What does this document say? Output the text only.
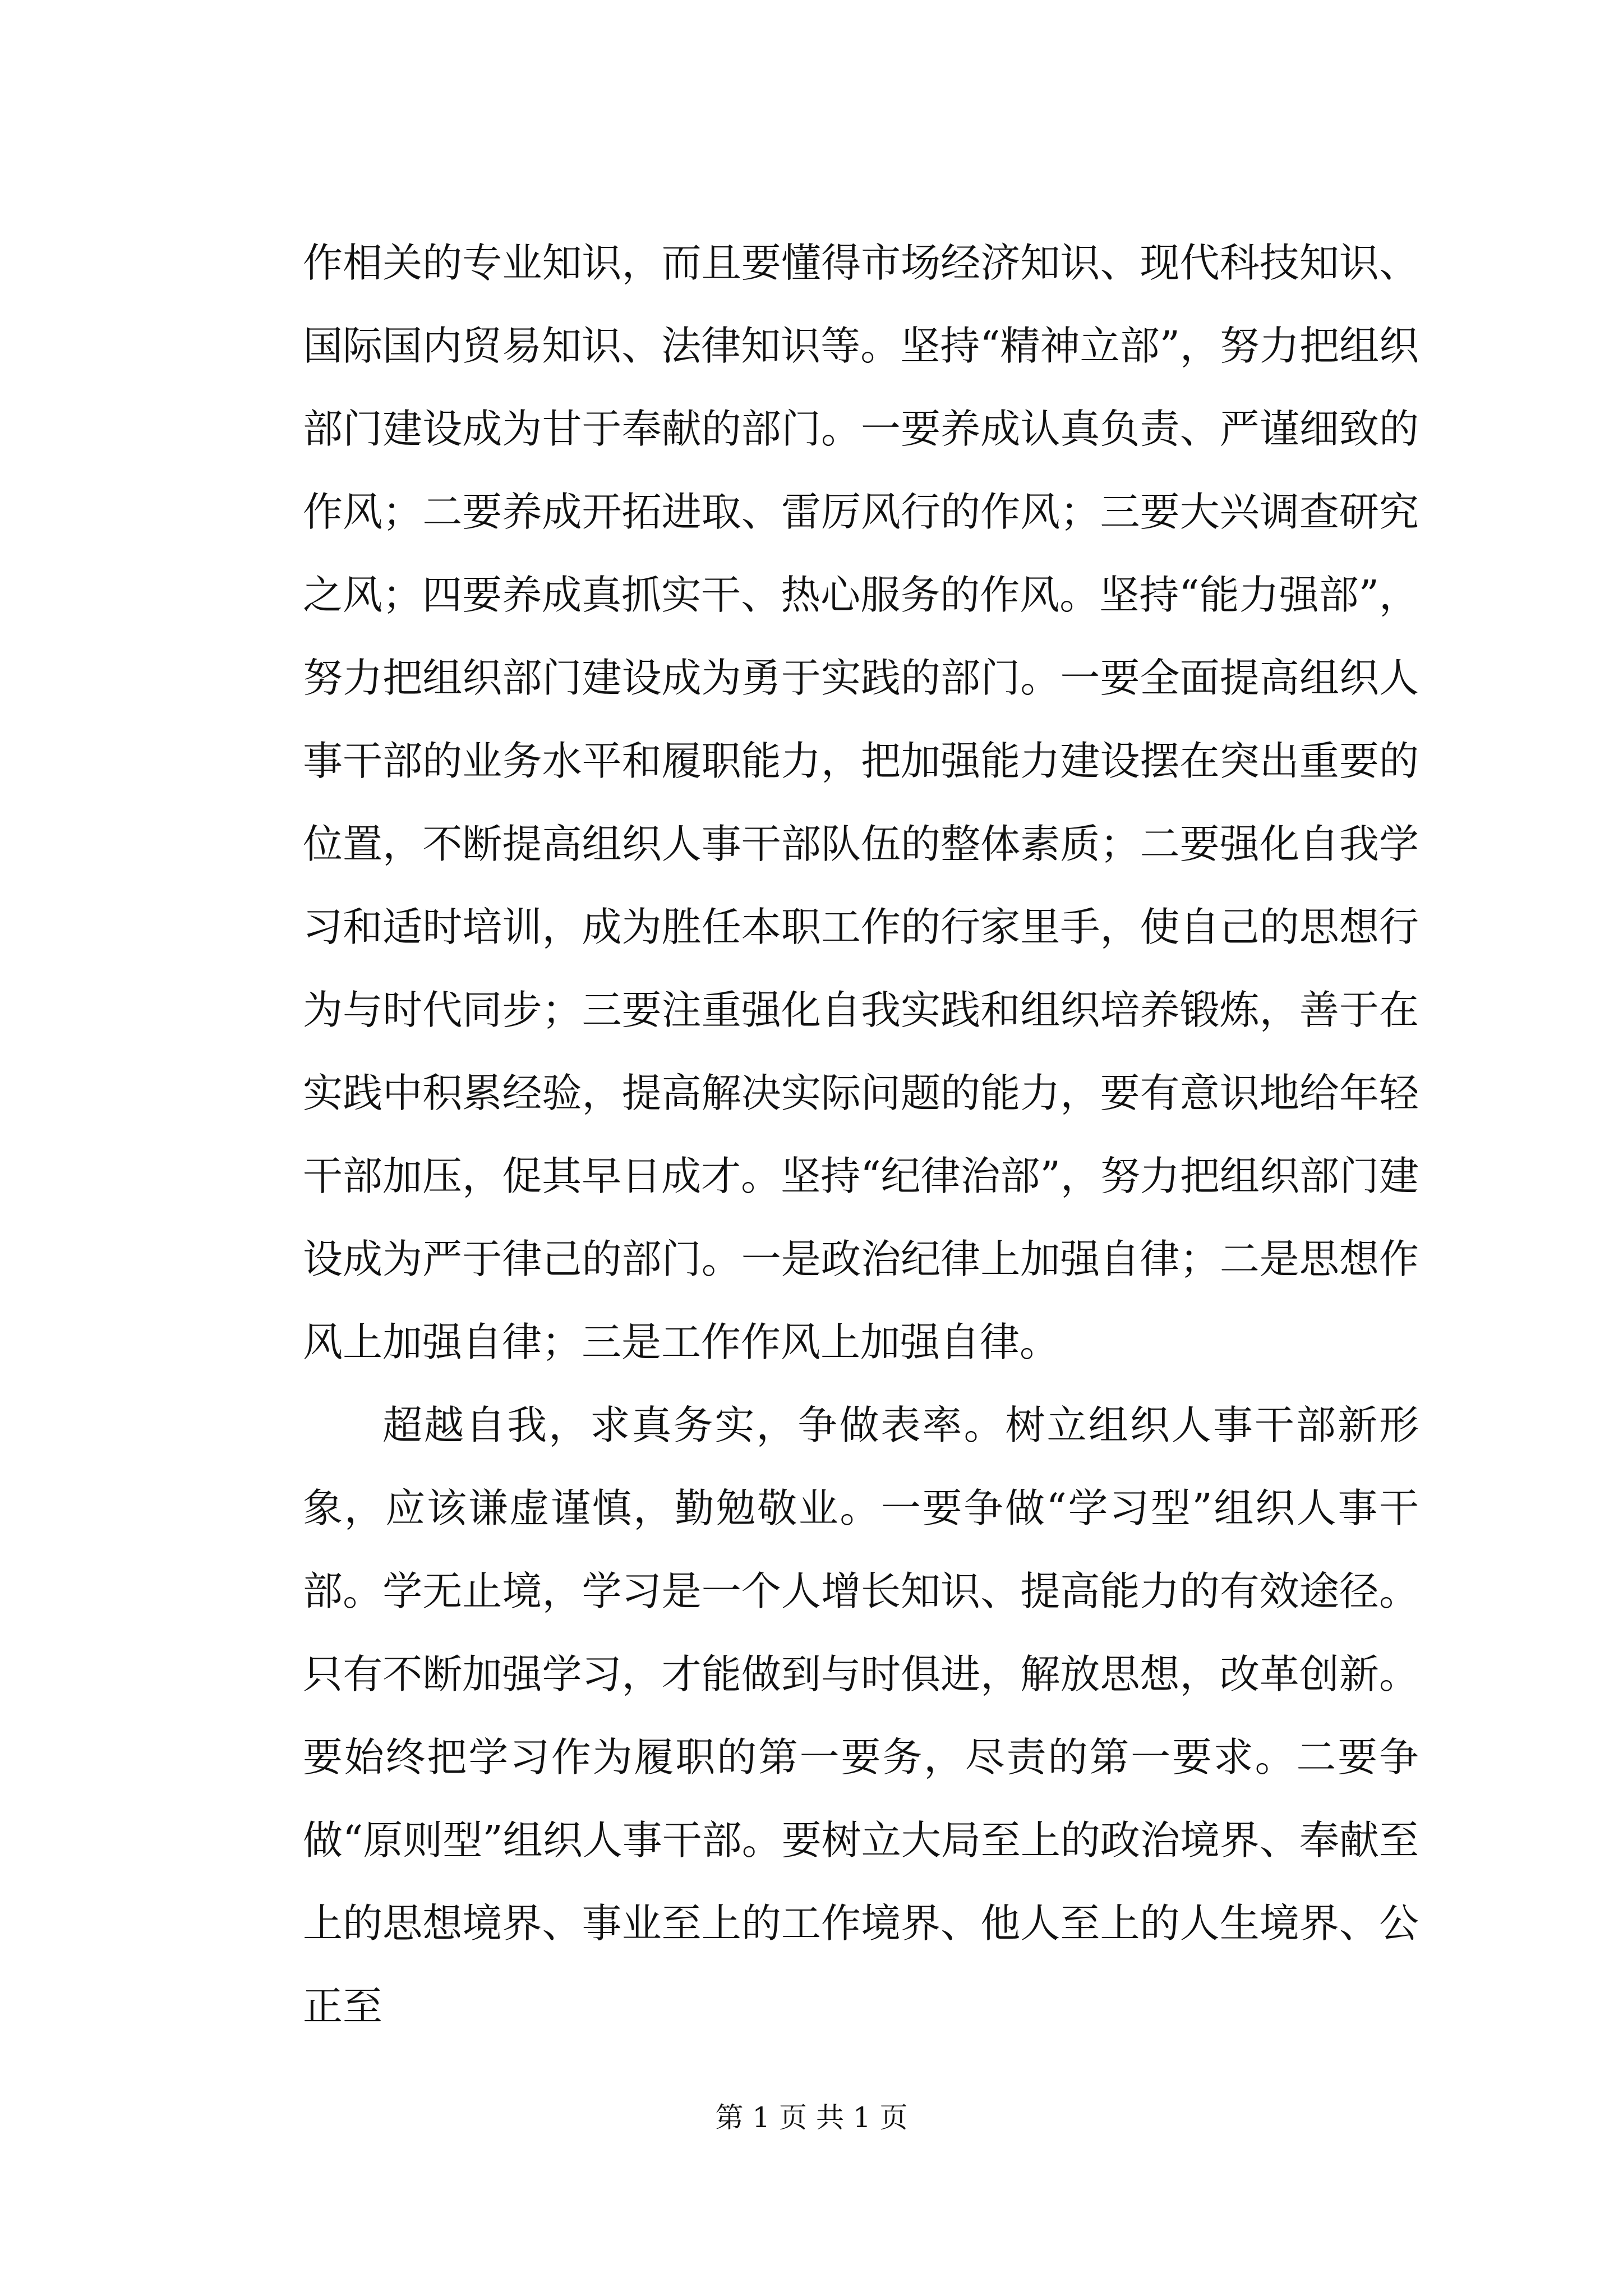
作相关的专业知识，而且要懂得市场经济知识、现代科技知识、国际国内贸易知识、法律知识等。坚持“精神立部”，努力把组织部门建设成为甘于奉献的部门。一要养成认真负责、严谨细致的作风；二要养成开拓进取、雷厉风行的作风；三要大兴调查研究之风；四要养成真抓实干、热心服务的作风。坚持“能力强部”，努力把组织部门建设成为勇于实践的部门。一要全面提高组织人事干部的业务水平和履职能力，把加强能力建设摆在突出重要的位置，不断提高组织人事干部队伍的整体素质；二要强化自我学习和适时培训，成为胜任本职工作的行家里手，使自己的思想行为与时代同步；三要注重强化自我实践和组织培养锻炼，善于在实践中积累经验，提高解决实际问题的能力，要有意识地给年轻干部加压，促其早日成才。坚持“纪律治部”，努力把组织部门建设成为严于律己的部门。一是政治纪律上加强自律；二是思想作风上加强自律；三是工作作风上加强自律。

超越自我，求真务实，争做表率。树立组织人事干部新形象，应该谦虚谨慎，勤勉敬业。一要争做“学习型”组织人事干部。学无止境，学习是一个人增长知识、提高能力的有效途径。只有不断加强学习，才能做到与时俱进，解放思想，改革创新。要始终把学习作为履职的第一要务，尽责的第一要求。二要争做“原则型”组织人事干部。要树立大局至上的政治境界、奉献至上的思想境界、事业至上的工作境界、他人至上的人生境界、公正至

第 1 页 共 1 页
